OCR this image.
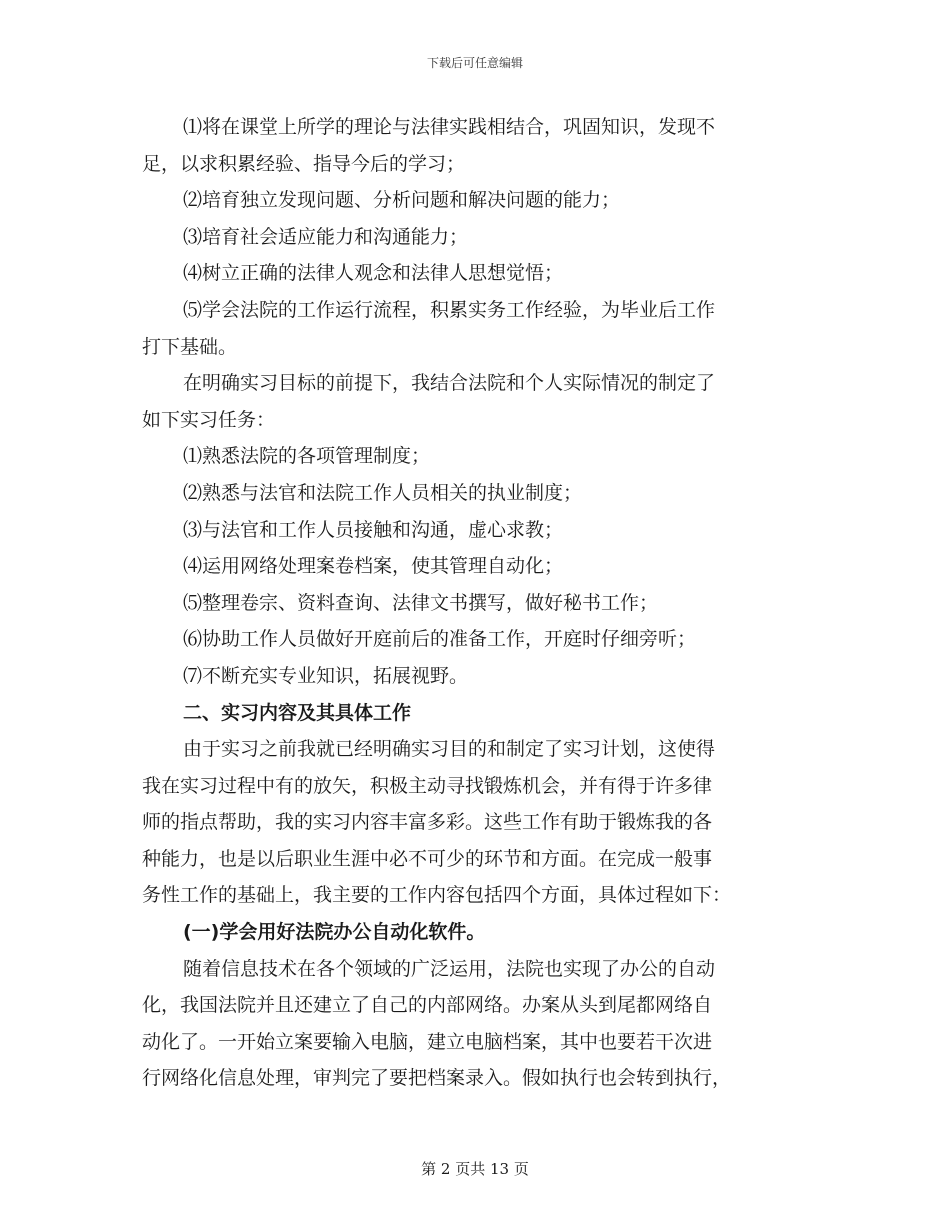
下载后可任意编辑
⑴将在课堂上所学的理论与法律实践相结合，巩固知识，发现不
足，以求积累经验、指导今后的学习；
⑵培育独立发现问题、分析问题和解决问题的能力；
⑶培育社会适应能力和沟通能力；
⑷树立正确的法律人观念和法律人思想觉悟；
⑸学会法院的工作运行流程，积累实务工作经验，为毕业后工作
打下基础。
在明确实习目标的前提下，我结合法院和个人实际情况的制定了
如下实习任务：
⑴熟悉法院的各项管理制度；
⑵熟悉与法官和法院工作人员相关的执业制度；
⑶与法官和工作人员接触和沟通，虚心求教；
⑷运用网络处理案卷档案，使其管理自动化；
⑸整理卷宗、资料查询、法律文书撰写，做好秘书工作；
⑹协助工作人员做好开庭前后的准备工作，开庭时仔细旁听；
⑺不断充实专业知识，拓展视野。
二、实习内容及其具体工作
由于实习之前我就已经明确实习目的和制定了实习计划，这使得
我在实习过程中有的放矢，积极主动寻找锻炼机会，并有得于许多律
师的指点帮助，我的实习内容丰富多彩。这些工作有助于锻炼我的各
种能力，也是以后职业生涯中必不可少的环节和方面。在完成一般事
务性工作的基础上，我主要的工作内容包括四个方面，具体过程如下：
(一)学会用好法院办公自动化软件。
随着信息技术在各个领域的广泛运用，法院也实现了办公的自动
化，我国法院并且还建立了自己的内部网络。办案从头到尾都网络自
动化了。一开始立案要输入电脑，建立电脑档案，其中也要若干次进
行网络化信息处理，审判完了要把档案录入。假如执行也会转到执行，
第 2 页共 13 页
